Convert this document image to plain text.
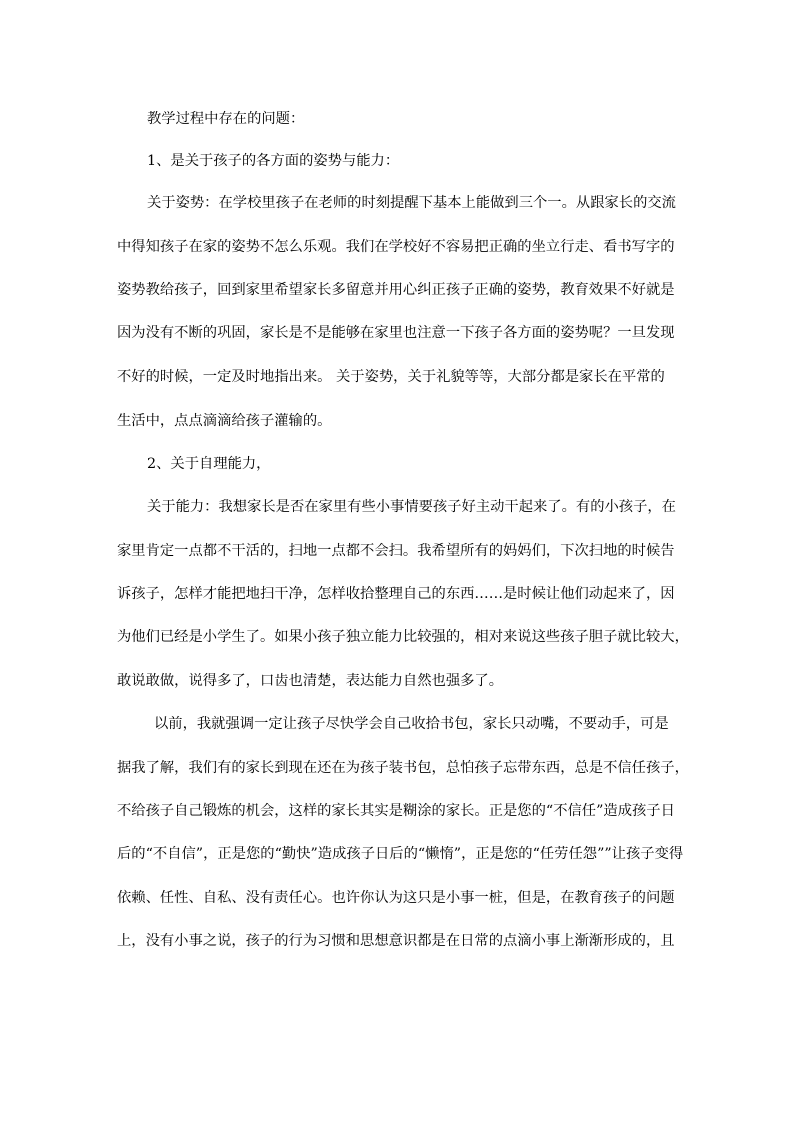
教学过程中存在的问题：

1、是关于孩子的各方面的姿势与能力：

关于姿势：在学校里孩子在老师的时刻提醒下基本上能做到三个一。从跟家长的交流

中得知孩子在家的姿势不怎么乐观。我们在学校好不容易把正确的坐立行走、看书写字的

姿势教给孩子，回到家里希望家长多留意并用心纠正孩子正确的姿势，教育效果不好就是

因为没有不断的巩固，家长是不是能够在家里也注意一下孩子各方面的姿势呢？一旦发现

不好的时候，一定及时地指出来。 关于姿势，关于礼貌等等，大部分都是家长在平常的

生活中，点点滴滴给孩子灌输的。

2、关于自理能力，

关于能力：我想家长是否在家里有些小事情要孩子好主动干起来了。有的小孩子，在

家里肯定一点都不干活的，扫地一点都不会扫。我希望所有的妈妈们，下次扫地的时候告

诉孩子，怎样才能把地扫干净，怎样收拾整理自己的东西……是时候让他们动起来了，因

为他们已经是小学生了。如果小孩子独立能力比较强的，相对来说这些孩子胆子就比较大，

敢说敢做，说得多了，口齿也清楚，表达能力自然也强多了。

以前，我就强调一定让孩子尽快学会自己收拾书包，家长只动嘴，不要动手，可是

据我了解，我们有的家长到现在还在为孩子装书包，总怕孩子忘带东西，总是不信任孩子，

不给孩子自己锻炼的机会，这样的家长其实是糊涂的家长。正是您的“不信任”造成孩子日

后的“不自信”，正是您的“勤快”造成孩子日后的“懒惰”，正是您的“任劳任怨””让孩子变得

依赖、任性、自私、没有责任心。也许你认为这只是小事一桩，但是，在教育孩子的问题

上，没有小事之说，孩子的行为习惯和思想意识都是在日常的点滴小事上渐渐形成的，且
